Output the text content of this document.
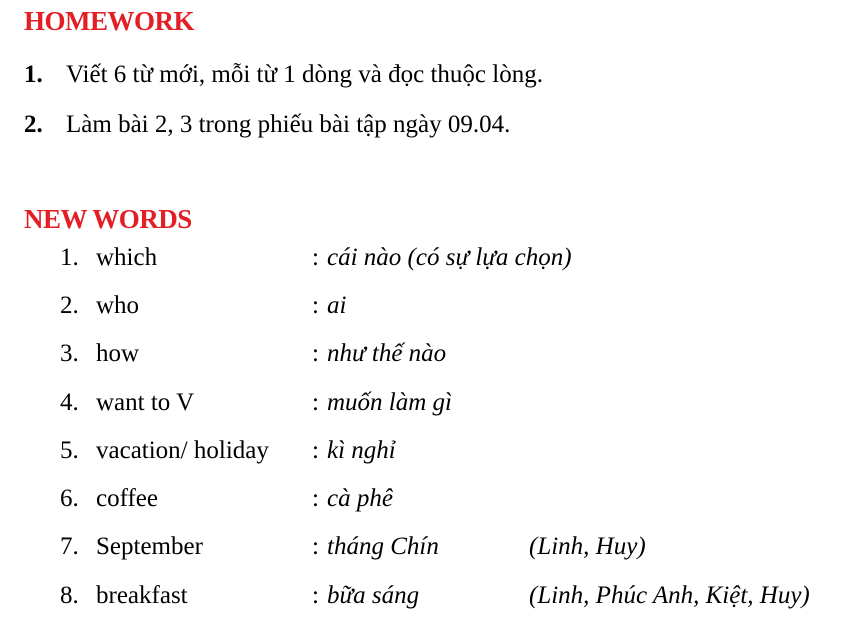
HOMEWORK
1. Viết 6 từ mới, mỗi từ 1 dòng và đọc thuộc lòng.
2. Làm bài 2, 3 trong phiếu bài tập ngày 09.04.
NEW WORDS
1. which	: cái nào (có sự lựa chọn)
2. who	: ai
3. how	: như thế nào
4. want to V	: muốn làm gì
5. vacation/ holiday : kì nghỉ
6. coffee	: cà phê
7. September	: tháng Chín	(Linh, Huy)
8. breakfast	: bữa sáng	(Linh, Phúc Anh, Kiệt, Huy)
